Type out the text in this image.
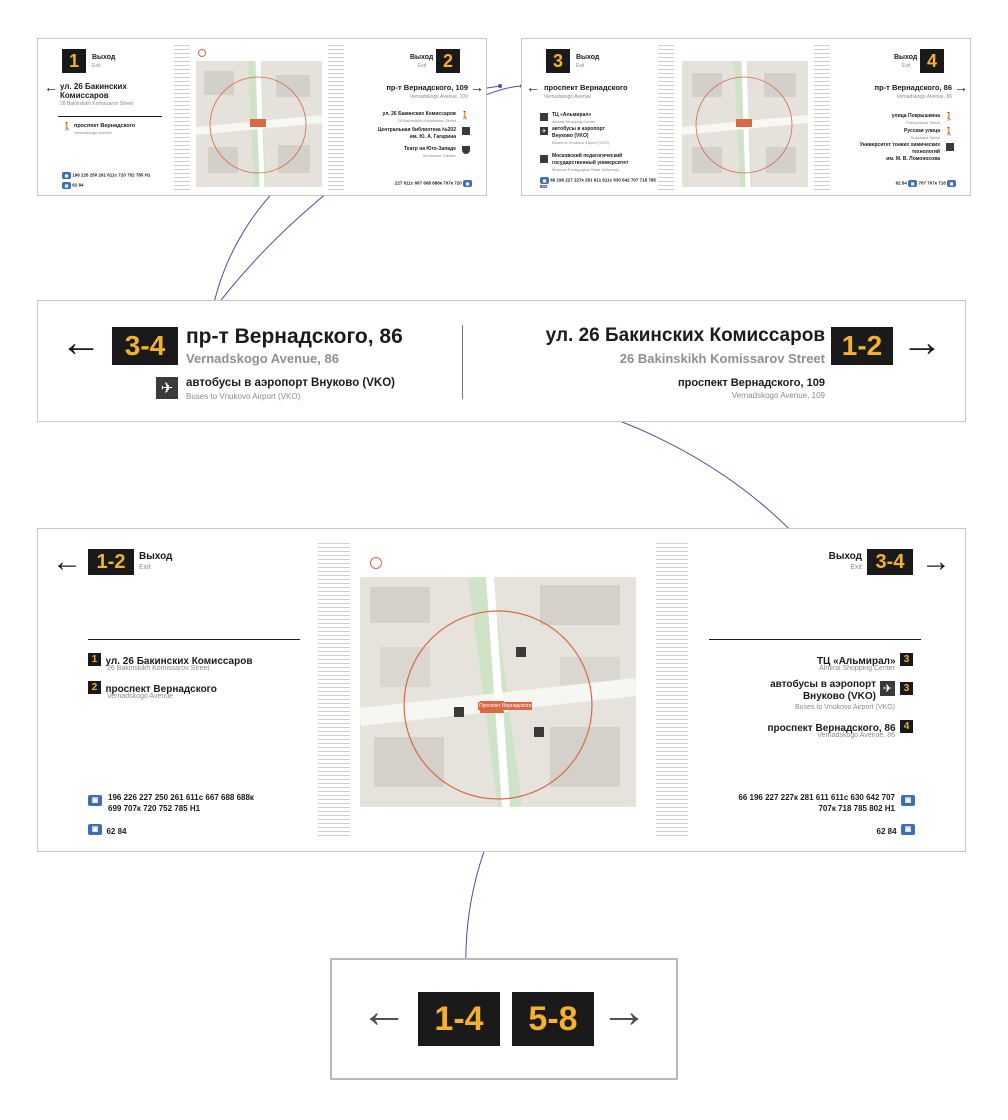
1	Выход
Exit
← ул. 26 Бакинских Комиссаров
26 Bakinskikh Komissarov Street
🚶 проспект Вернадского
Vernadskogo Avenue
▣ 196 226 250 261 611с 720 752 785 Н1
▣ 62 84
2
Выход
Exit
пр-т Вернадского, 109 →
Vernadskogo Avenue, 109
ул. 26 Бакинских Комиссаров
26 Bakinskikh Komissarov Street
🚶
Центральная библиотека №202
им. Ю. А. Гагарина
Театр на Юго-Западе
Southwest Theater
227 611с 667 688 688к 707к 720 ▣
3	Выход
Exit
← проспект Вернадского
Vernadskogo Avenue
ТЦ «Альмирал»
Almiral Shopping Center
✈ автобусы в аэропорт
Внуково (VKO)
Buses to Vnukovo Airport (VKO)
Московский педагогический
государственный университет
Moscow Pedagogical State University
▣ 66 196 227 227к 281 611 611с 630 642 707 718 785 802
4
Выход
Exit
пр-т Вернадского, 86 →
Vernadskogo Avenue, 86
улица Покрышкина
Pokryshkina Street
🚶
Русская улица
Russkaya Street
🚶
Университет тонких химических
технологий
им. М. В. Ломоносова
62 84 ▣ 707 707к 718 ▣
← 3-4 пр-т Вернадского, 86
Vernadskogo Avenue, 86
✈	автобусы в аэропорт Внуково (VKO)
Buses to Vnukovo Airport (VKO)
ул. 26 Бакинских Комиссаров
26 Bakinskikh Komissarov Street 1-2 →
проспект Вернадского, 109
Vernadskogo Avenue, 109
← 1-2	Выход
Exit
1 ул. 26 Бакинских Комиссаров
26 Bakinskikh Komissarov Street
2 проспект Вернадского
Vernadskogo Avenue
▣	196 226 227 250 261 611с 667 688 688к
699 707к 720 752 785 Н1
▣ 62 84
Проспект Вернадского
Выход
Exit 3-4 →
ТЦ «Альмирал» 3
Almiral Shopping Center
автобусы в аэропорт
Внуково (VKO)
Buses to Vnukovo Airport (VKO)
✈	3
проспект Вернадского, 86 4
Vernadskogo Avenue, 86
66 196 227 227к 281 611 611с 630 642 707
707к 718 785 802 Н1
▣
62 84 ▣
← 1-4	5-8 →
